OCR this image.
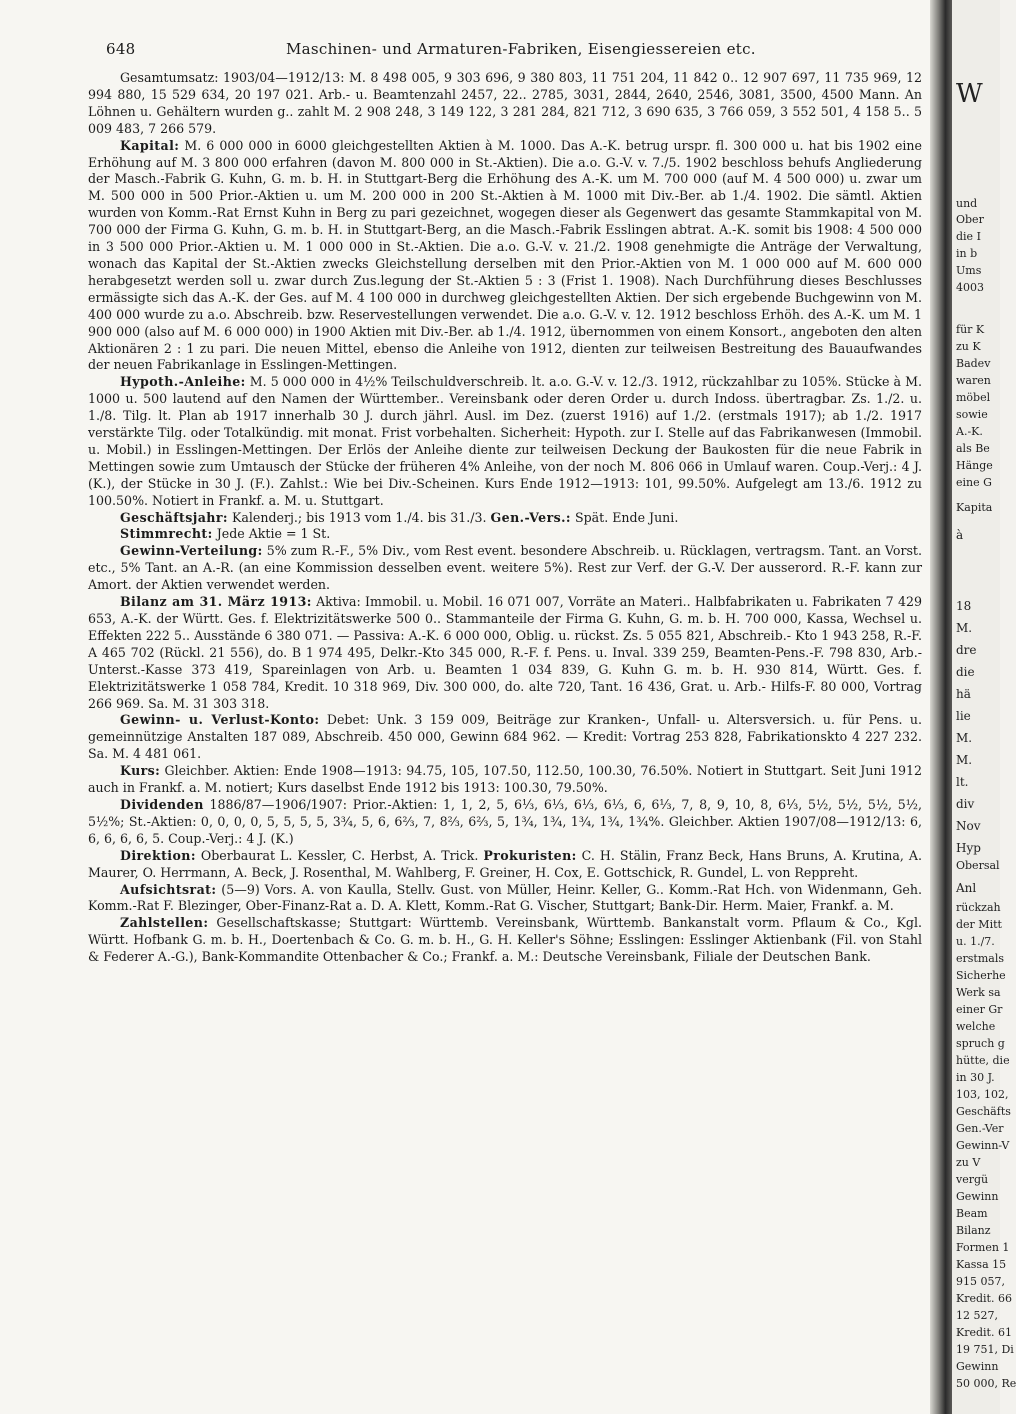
648	Maschinen- und Armaturen-Fabriken, Eisengiessereien etc.

Gesamtumsatz: 1903/04—1912/13: M. 8 498 005, 9 303 696, 9 380 803, 11 751 204, 11 842 0.. 12 907 697, 11 735 969, 12 994 880, 15 529 634, 20 197 021. Arb.- u. Beamtenzahl 2457, 22.. 2785, 3031, 2844, 2640, 2546, 3081, 3500, 4500 Mann. An Löhnen u. Gehältern wurden g.. zahlt M. 2 908 248, 3 149 122, 3 281 284, 821 712, 3 690 635, 3 766 059, 3 552 501, 4 158 5.. 5 009 483, 7 266 579.

Kapital: M. 6 000 000 in 6000 gleichgestellten Aktien à M. 1000. Das A.-K. betrug urspr. fl. 300 000 u. hat bis 1902 eine Erhöhung auf M. 3 800 000 erfahren (davon M. 800 000 in St.-Aktien). Die a.o. G.-V. v. 7./5. 1902 beschloss behufs Angliederung der Masch.-Fabrik G. Kuhn, G. m. b. H. in Stuttgart-Berg die Erhöhung des A.-K. um M. 700 000 (auf M. 4 500 000) u. zwar um M. 500 000 in 500 Prior.-Aktien u. um M. 200 000 in 200 St.-Aktien à M. 1000 mit Div.-Ber. ab 1./4. 1902. Die sämtl. Aktien wurden von Komm.-Rat Ernst Kuhn in Berg zu pari gezeichnet, wogegen dieser als Gegenwert das gesamte Stammkapital von M. 700 000 der Firma G. Kuhn, G. m. b. H. in Stuttgart-Berg, an die Masch.-Fabrik Esslingen abtrat. A.-K. somit bis 1908: 4 500 000 in 3 500 000 Prior.-Aktien u. M. 1 000 000 in St.-Aktien. Die a.o. G.-V. v. 21./2. 1908 genehmigte die Anträge der Verwaltung, wonach das Kapital der St.-Aktien zwecks Gleichstellung derselben mit den Prior.-Aktien von M. 1 000 000 auf M. 600 000 herabgesetzt werden soll u. zwar durch Zus.legung der St.-Aktien 5 : 3 (Frist 1. 1908). Nach Durchführung dieses Beschlusses ermässigte sich das A.-K. der Ges. auf M. 4 100 000 in durchweg gleichgestellten Aktien. Der sich ergebende Buchgewinn von M. 400 000 wurde zu a.o. Abschreib. bzw. Reservestellungen verwendet. Die a.o. G.-V. v. 12. 1912 beschloss Erhöh. des A.-K. um M. 1 900 000 (also auf M. 6 000 000) in 1900 Aktien mit Div.-Ber. ab 1./4. 1912, übernommen von einem Konsort., angeboten den alten Aktionären 2 : 1 zu pari. Die neuen Mittel, ebenso die Anleihe von 1912, dienten zur teilweisen Bestreitung des Bauaufwandes der neuen Fabrikanlage in Esslingen-Mettingen.

Hypoth.-Anleihe: M. 5 000 000 in 4½% Teilschuldverschreib. lt. a.o. G.-V. v. 12./3. 1912, rückzahlbar zu 105%. Stücke à M. 1000 u. 500 lautend auf den Namen der Württember.. Vereinsbank oder deren Order u. durch Indoss. übertragbar. Zs. 1./2. u. 1./8. Tilg. lt. Plan ab 1917 innerhalb 30 J. durch jährl. Ausl. im Dez. (zuerst 1916) auf 1./2. (erstmals 1917); ab 1./2. 1917 verstärkte Tilg. oder Totalkündig. mit monat. Frist vorbehalten. Sicherheit: Hypoth. zur I. Stelle auf das Fabrikanwesen (Immobil. u. Mobil.) in Esslingen-Mettingen. Der Erlös der Anleihe diente zur teilweisen Deckung der Baukosten für die neue Fabrik in Mettingen sowie zum Umtausch der Stücke der früheren 4% Anleihe, von der noch M. 806 066 in Umlauf waren. Coup.-Verj.: 4 J. (K.), der Stücke in 30 J. (F.). Zahlst.: Wie bei Div.-Scheinen. Kurs Ende 1912—1913: 101, 99.50%. Aufgelegt am 13./6. 1912 zu 100.50%. Notiert in Frankf. a. M. u. Stuttgart.

Geschäftsjahr: Kalenderj.; bis 1913 vom 1./4. bis 31./3. Gen.-Vers.: Spät. Ende Juni.

Stimmrecht: Jede Aktie = 1 St.

Gewinn-Verteilung: 5% zum R.-F., 5% Div., vom Rest event. besondere Abschreib. u. Rücklagen, vertragsm. Tant. an Vorst. etc., 5% Tant. an A.-R. (an eine Kommission desselben event. weitere 5%). Rest zur Verf. der G.-V. Der ausserord. R.-F. kann zur Amort. der Aktien verwendet werden.

Bilanz am 31. März 1913: Aktiva: Immobil. u. Mobil. 16 071 007, Vorräte an Materi.. Halbfabrikaten u. Fabrikaten 7 429 653, A.-K. der Württ. Ges. f. Elektrizitätswerke 500 0.. Stammanteile der Firma G. Kuhn, G. m. b. H. 700 000, Kassa, Wechsel u. Effekten 222 5.. Ausstände 6 380 071. — Passiva: A.-K. 6 000 000, Oblig. u. rückst. Zs. 5 055 821, Abschreib.- Kto 1 943 258, R.-F. A 465 702 (Rückl. 21 556), do. B 1 974 495, Delkr.-Kto 345 000, R.-F. f. Pens. u. Inval. 339 259, Beamten-Pens.-F. 798 830, Arb.-Unterst.-Kasse 373 419, Spareinlagen von Arb. u. Beamten 1 034 839, G. Kuhn G. m. b. H. 930 814, Württ. Ges. f. Elektrizitätswerke 1 058 784, Kredit. 10 318 969, Div. 300 000, do. alte 720, Tant. 16 436, Grat. u. Arb.- Hilfs-F. 80 000, Vortrag 266 969. Sa. M. 31 303 318.

Gewinn- u. Verlust-Konto: Debet: Unk. 3 159 009, Beiträge zur Kranken-, Unfall- u. Altersversich. u. für Pens. u. gemeinnützige Anstalten 187 089, Abschreib. 450 000, Gewinn 684 962. — Kredit: Vortrag 253 828, Fabrikationskto 4 227 232. Sa. M. 4 481 061.

Kurs: Gleichber. Aktien: Ende 1908—1913: 94.75, 105, 107.50, 112.50, 100.30, 76.50%. Notiert in Stuttgart. Seit Juni 1912 auch in Frankf. a. M. notiert; Kurs daselbst Ende 1912 bis 1913: 100.30, 79.50%.

Dividenden 1886/87—1906/1907: Prior.-Aktien: 1, 1, 2, 5, 6⅓, 6⅓, 6⅓, 6⅓, 6, 6⅓, 7, 8, 9, 10, 8, 6⅓, 5½, 5½, 5½, 5½, 5½%; St.-Aktien: 0, 0, 0, 0, 5, 5, 5, 5, 3¾, 5, 6, 6⅔, 7, 8⅔, 6⅔, 5, 1¾, 1¾, 1¾, 1¾, 1¾%. Gleichber. Aktien 1907/08—1912/13: 6, 6, 6, 6, 6, 5. Coup.-Verj.: 4 J. (K.)

Direktion: Oberbaurat L. Kessler, C. Herbst, A. Trick. Prokuristen: C. H. Stälin, Franz Beck, Hans Bruns, A. Krutina, A. Maurer, O. Herrmann, A. Beck, J. Rosenthal, M. Wahlberg, F. Greiner, H. Cox, E. Gottschick, R. Gundel, L. von Reppreht.

Aufsichtsrat: (5—9) Vors. A. von Kaulla, Stellv. Gust. von Müller, Heinr. Keller, G.. Komm.-Rat Hch. von Widenmann, Geh. Komm.-Rat F. Blezinger, Ober-Finanz-Rat a. D. A. Klett, Komm.-Rat G. Vischer, Stuttgart; Bank-Dir. Herm. Maier, Frankf. a. M.

Zahlstellen: Gesellschaftskasse; Stuttgart: Württemb. Vereinsbank, Württemb. Bankanstalt vorm. Pflaum & Co., Kgl. Württ. Hofbank G. m. b. H., Doertenbach & Co. G. m. b. H., G. H. Keller's Söhne; Esslingen: Esslinger Aktienbank (Fil. von Stahl & Federer A.-G.), Bank-Kommandite Ottenbacher & Co.; Frankf. a. M.: Deutsche Vereinsbank, Filiale der Deutschen Bank.

W
und
Ober
die I
in b
Ums
4003
für K
zu K
Badev
waren
möbel
sowie
A.-K.
als Be
Hänge
eine G
Kapita
à
18
M.
dre
die
hä
lie
M.
M.
lt.
div
Nov
Hyp
Obersal
Anl
rückzah
der Mitt
u. 1./7.
erstmals
Sicherhe
Werk sa
einer Gr
welche
spruch g
hütte, die
in 30 J.
103, 102,
Geschäfts
Gen.-Ver
Gewinn-V
zu V
vergü
Gewinn
Beam
Bilanz
Formen 1
Kassa 15
915 057,
Kredit. 66
12 527,
Kredit. 61
19 751, Di
Gewinn
50 000, Re
